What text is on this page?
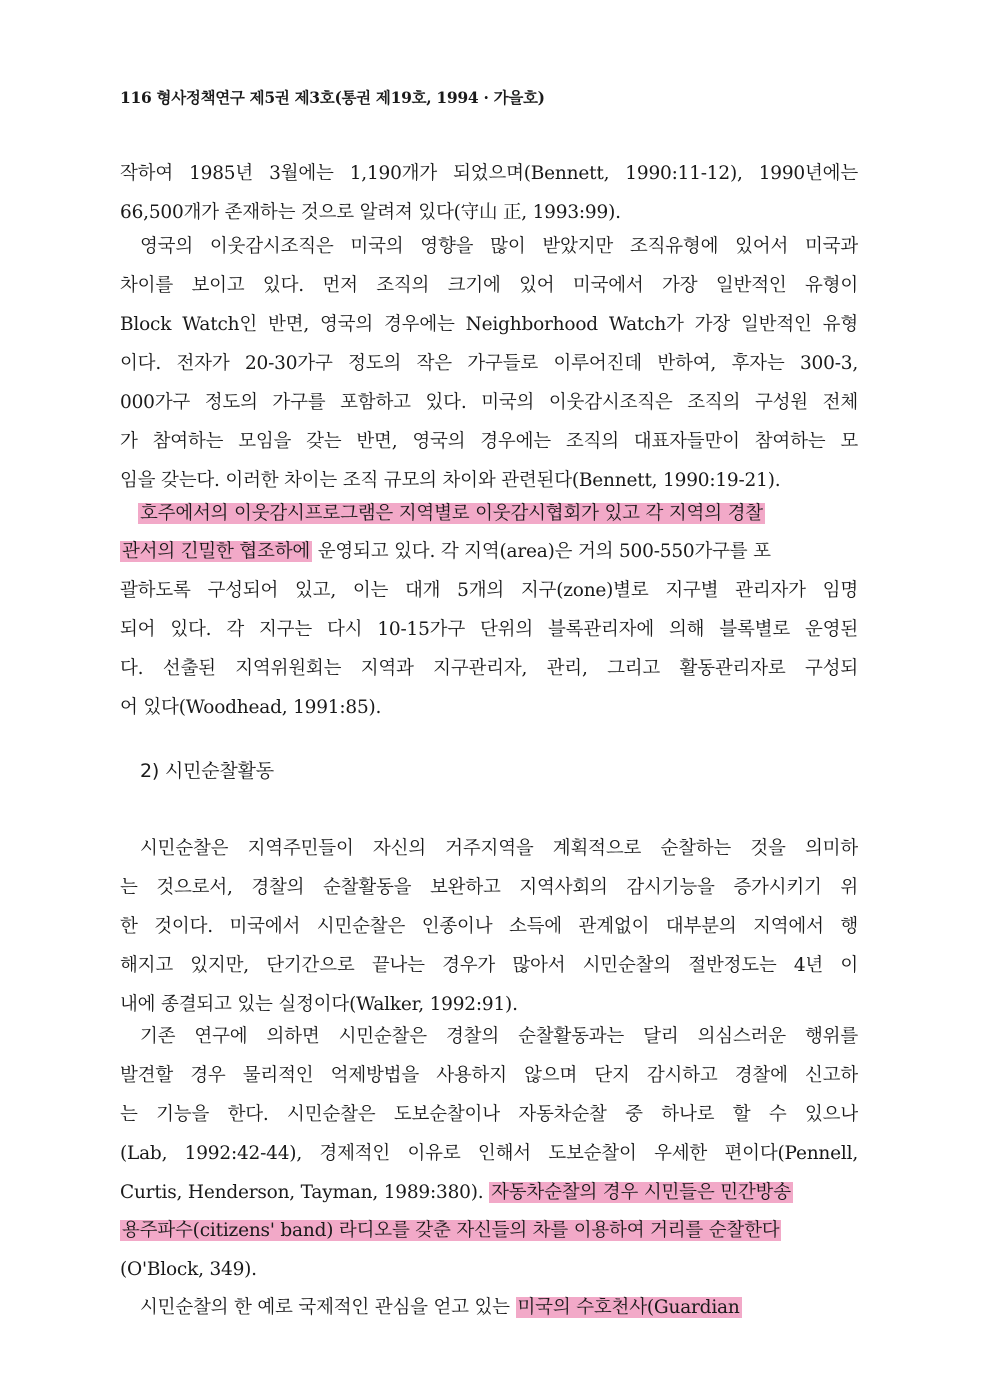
116 형사정책연구 제5권 제3호(통권 제19호, 1994 · 가을호)
작하여 1985년 3월에는 1,190개가 되었으며(Bennett, 1990:11-12), 1990년에는
66,500개가 존재하는 것으로 알려져 있다(守山 正, 1993:99).
영국의 이웃감시조직은 미국의 영향을 많이 받았지만 조직유형에 있어서 미국과
차이를 보이고 있다. 먼저 조직의 크기에 있어 미국에서 가장 일반적인 유형이
Block Watch인 반면, 영국의 경우에는 Neighborhood Watch가 가장 일반적인 유형
이다. 전자가 20-30가구 정도의 작은 가구들로 이루어진데 반하여, 후자는 300-3,
000가구 정도의 가구를 포함하고 있다. 미국의 이웃감시조직은 조직의 구성원 전체
가 참여하는 모임을 갖는 반면, 영국의 경우에는 조직의 대표자들만이 참여하는 모
임을 갖는다. 이러한 차이는 조직 규모의 차이와 관련된다(Bennett, 1990:19-21).
호주에서의 이웃감시프로그램은 지역별로 이웃감시협회가 있고 각 지역의 경찰
관서의 긴밀한 협조하에 운영되고 있다. 각 지역(area)은 거의 500-550가구를 포
괄하도록 구성되어 있고, 이는 대개 5개의 지구(zone)별로 지구별 관리자가 임명
되어 있다. 각 지구는 다시 10-15가구 단위의 블록관리자에 의해 블록별로 운영된
다. 선출된 지역위원회는 지역과 지구관리자, 관리, 그리고 활동관리자로 구성되
어 있다(Woodhead, 1991:85).
2) 시민순찰활동
시민순찰은 지역주민들이 자신의 거주지역을 계획적으로 순찰하는 것을 의미하
는 것으로서, 경찰의 순찰활동을 보완하고 지역사회의 감시기능을 증가시키기 위
한 것이다. 미국에서 시민순찰은 인종이나 소득에 관계없이 대부분의 지역에서 행
해지고 있지만, 단기간으로 끝나는 경우가 많아서 시민순찰의 절반정도는 4년 이
내에 종결되고 있는 실정이다(Walker, 1992:91).
기존 연구에 의하면 시민순찰은 경찰의 순찰활동과는 달리 의심스러운 행위를
발견할 경우 물리적인 억제방법을 사용하지 않으며 단지 감시하고 경찰에 신고하
는 기능을 한다. 시민순찰은 도보순찰이나 자동차순찰 중 하나로 할 수 있으나
(Lab, 1992:42-44), 경제적인 이유로 인해서 도보순찰이 우세한 편이다(Pennell,
Curtis, Henderson, Tayman, 1989:380). 자동차순찰의 경우 시민들은 민간방송
용주파수(citizens' band) 라디오를 갖춘 자신들의 차를 이용하여 거리를 순찰한다
(O'Block, 349).
시민순찰의 한 예로 국제적인 관심을 얻고 있는 미국의 수호천사(Guardian
